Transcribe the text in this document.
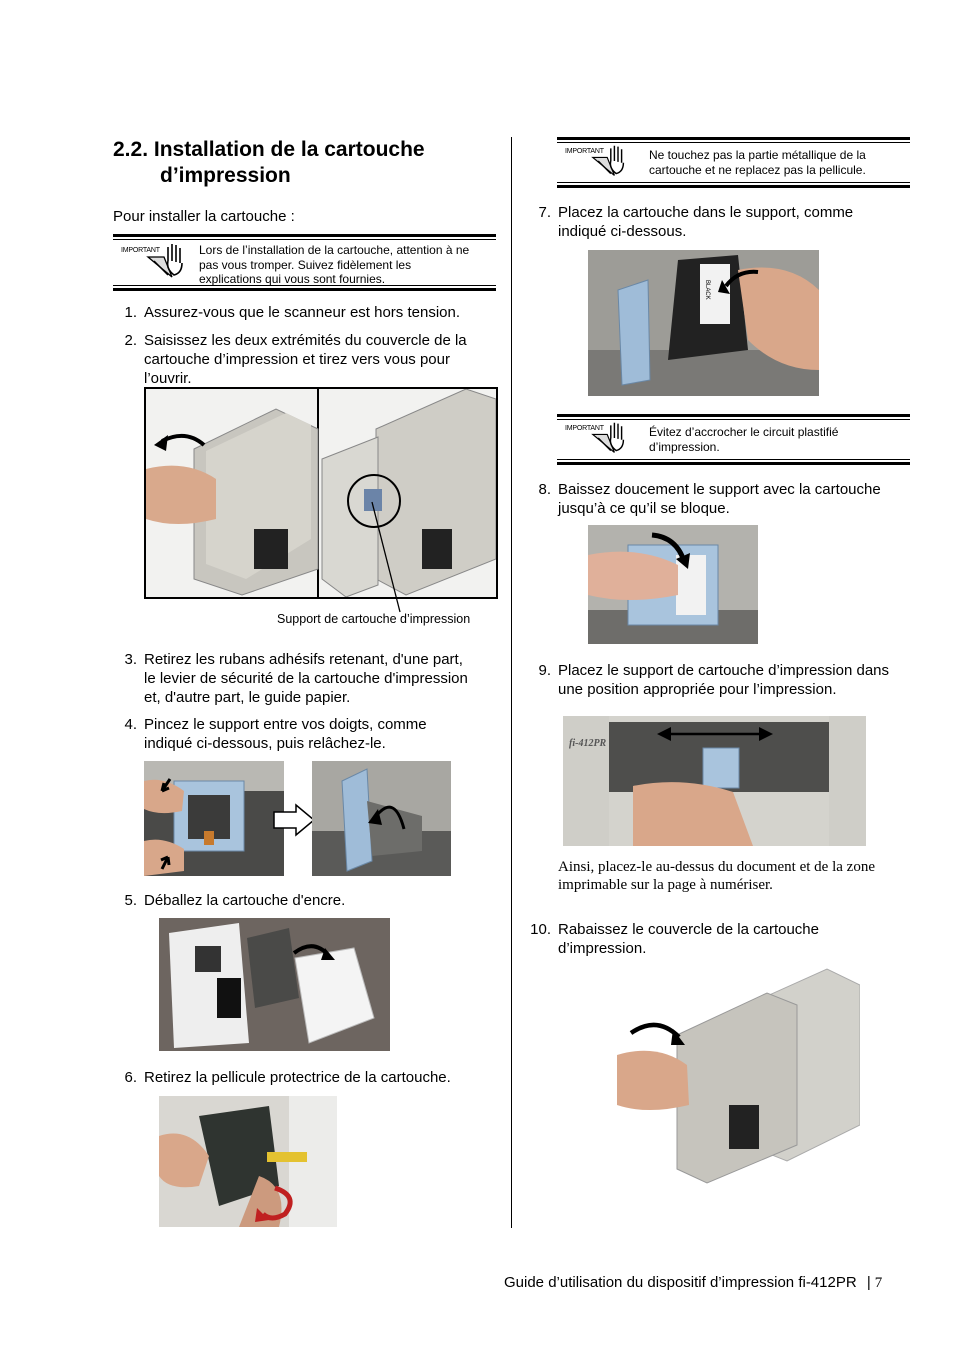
2.2. Installation de la cartouche
d’impression
Pour installer la cartouche :
IMPORTANT	Lors de l’installation de la cartouche, attention à ne
pas vous tromper. Suivez fidèlement les
explications qui vous sont fournies.
1. Assurez-vous que le scanneur est hors tension.
2. Saisissez les deux extrémités du couvercle de la
cartouche d’impression et tirez vers vous pour
l’ouvrir.
Support de cartouche d’impression
3. Retirez les rubans adhésifs retenant, d'une part,
le levier de sécurité de la cartouche d'impression
et, d'autre part, le guide papier.
4. Pincez le support entre vos doigts, comme
indiqué ci-dessous, puis relâchez-le.
5. Déballez la cartouche d'encre.
6. Retirez la pellicule protectrice de la cartouche.
IMPORTANT	Ne touchez pas la partie métallique de la
cartouche et ne replacez pas la pellicule.
7. Placez la cartouche dans le support, comme
indiqué ci-dessous.
BLACK
IMPORTANT	Évitez d’accrocher le circuit plastifié
d’impression.
8. Baissez doucement le support avec la cartouche
jusqu’à ce qu’il se bloque.
9. Placez le support de cartouche d’impression dans
une position appropriée pour l’impression.
fi-412PR
Ainsi, placez-le au-dessus du document et de la zone
imprimable sur la page à numériser.
10. Rabaissez le couvercle de la cartouche
d’impression.
Guide d’utilisation du dispositif d’impression fi-412PR | 7
